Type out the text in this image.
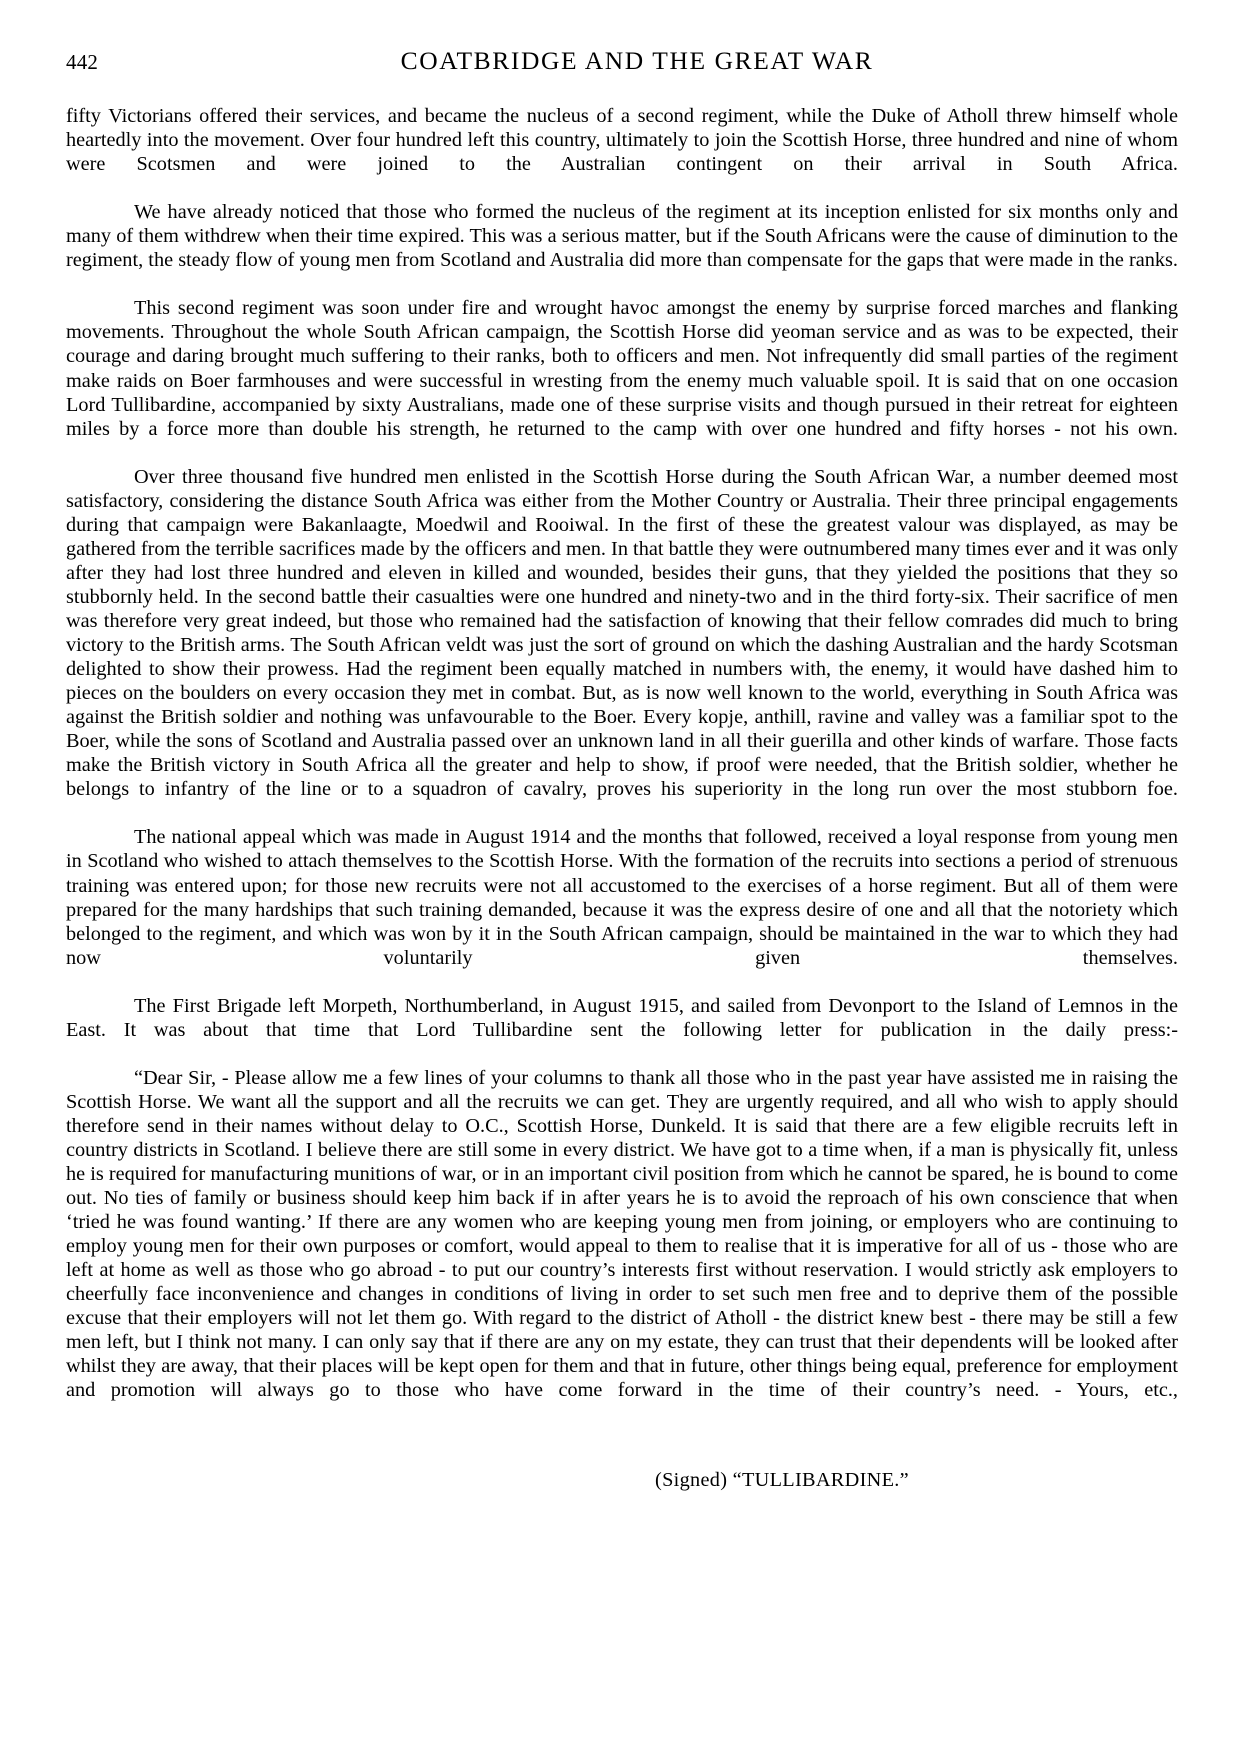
442	COATBRIDGE AND THE GREAT WAR

fifty Victorians offered their services, and became the nucleus of a second regiment, while the Duke of Atholl threw himself whole heartedly into the movement. Over four hundred left this country, ultimately to join the Scottish Horse, three hundred and nine of whom were Scotsmen and were joined to the Australian contingent on their arrival in South Africa.

We have already noticed that those who formed the nucleus of the regiment at its inception enlisted for six months only and many of them withdrew when their time expired. This was a serious matter, but if the South Africans were the cause of diminution to the regiment, the steady flow of young men from Scotland and Australia did more than compensate for the gaps that were made in the ranks.

This second regiment was soon under fire and wrought havoc amongst the enemy by surprise forced marches and flanking movements. Throughout the whole South African campaign, the Scottish Horse did yeoman service and as was to be expected, their courage and daring brought much suffering to their ranks, both to officers and men. Not infrequently did small parties of the regiment make raids on Boer farmhouses and were successful in wresting from the enemy much valuable spoil. It is said that on one occasion Lord Tullibardine, accompanied by sixty Australians, made one of these surprise visits and though pursued in their retreat for eighteen miles by a force more than double his strength, he returned to the camp with over one hundred and fifty horses - not his own.

Over three thousand five hundred men enlisted in the Scottish Horse during the South African War, a number deemed most satisfactory, considering the distance South Africa was either from the Mother Country or Australia. Their three principal engagements during that campaign were Bakanlaagte, Moedwil and Rooiwal. In the first of these the greatest valour was displayed, as may be gathered from the terrible sacrifices made by the officers and men. In that battle they were outnumbered many times ever and it was only after they had lost three hundred and eleven in killed and wounded, besides their guns, that they yielded the positions that they so stubbornly held. In the second battle their casualties were one hundred and ninety-two and in the third forty-six. Their sacrifice of men was therefore very great indeed, but those who remained had the satisfaction of knowing that their fellow comrades did much to bring victory to the British arms. The South African veldt was just the sort of ground on which the dashing Australian and the hardy Scotsman delighted to show their prowess. Had the regiment been equally matched in numbers with, the enemy, it would have dashed him to pieces on the boulders on every occasion they met in combat. But, as is now well known to the world, everything in South Africa was against the British soldier and nothing was unfavourable to the Boer. Every kopje, anthill, ravine and valley was a familiar spot to the Boer, while the sons of Scotland and Australia passed over an unknown land in all their guerilla and other kinds of warfare. Those facts make the British victory in South Africa all the greater and help to show, if proof were needed, that the British soldier, whether he belongs to infantry of the line or to a squadron of cavalry, proves his superiority in the long run over the most stubborn foe.

The national appeal which was made in August 1914 and the months that followed, received a loyal response from young men in Scotland who wished to attach themselves to the Scottish Horse. With the formation of the recruits into sections a period of strenuous training was entered upon; for those new recruits were not all accustomed to the exercises of a horse regiment. But all of them were prepared for the many hardships that such training demanded, because it was the express desire of one and all that the notoriety which belonged to the regiment, and which was won by it in the South African campaign, should be maintained in the war to which they had now voluntarily given themselves.

The First Brigade left Morpeth, Northumberland, in August 1915, and sailed from Devonport to the Island of Lemnos in the East. It was about that time that Lord Tullibardine sent the following letter for publication in the daily press:-

“Dear Sir, - Please allow me a few lines of your columns to thank all those who in the past year have assisted me in raising the Scottish Horse. We want all the support and all the recruits we can get. They are urgently required, and all who wish to apply should therefore send in their names without delay to O.C., Scottish Horse, Dunkeld. It is said that there are a few eligible recruits left in country districts in Scotland. I believe there are still some in every district. We have got to a time when, if a man is physically fit, unless he is required for manufacturing munitions of war, or in an important civil position from which he cannot be spared, he is bound to come out. No ties of family or business should keep him back if in after years he is to avoid the reproach of his own conscience that when ‘tried he was found wanting.’ If there are any women who are keeping young men from joining, or employers who are continuing to employ young men for their own purposes or comfort, would appeal to them to realise that it is imperative for all of us - those who are left at home as well as those who go abroad - to put our country’s interests first without reservation. I would strictly ask employers to cheerfully face inconvenience and changes in conditions of living in order to set such men free and to deprive them of the possible excuse that their employers will not let them go. With regard to the district of Atholl - the district knew best - there may be still a few men left, but I think not many. I can only say that if there are any on my estate, they can trust that their dependents will be looked after whilst they are away, that their places will be kept open for them and that in future, other things being equal, preference for employment and promotion will always go to those who have come forward in the time of their country’s need. - Yours, etc.,

(Signed) “TULLIBARDINE.”
